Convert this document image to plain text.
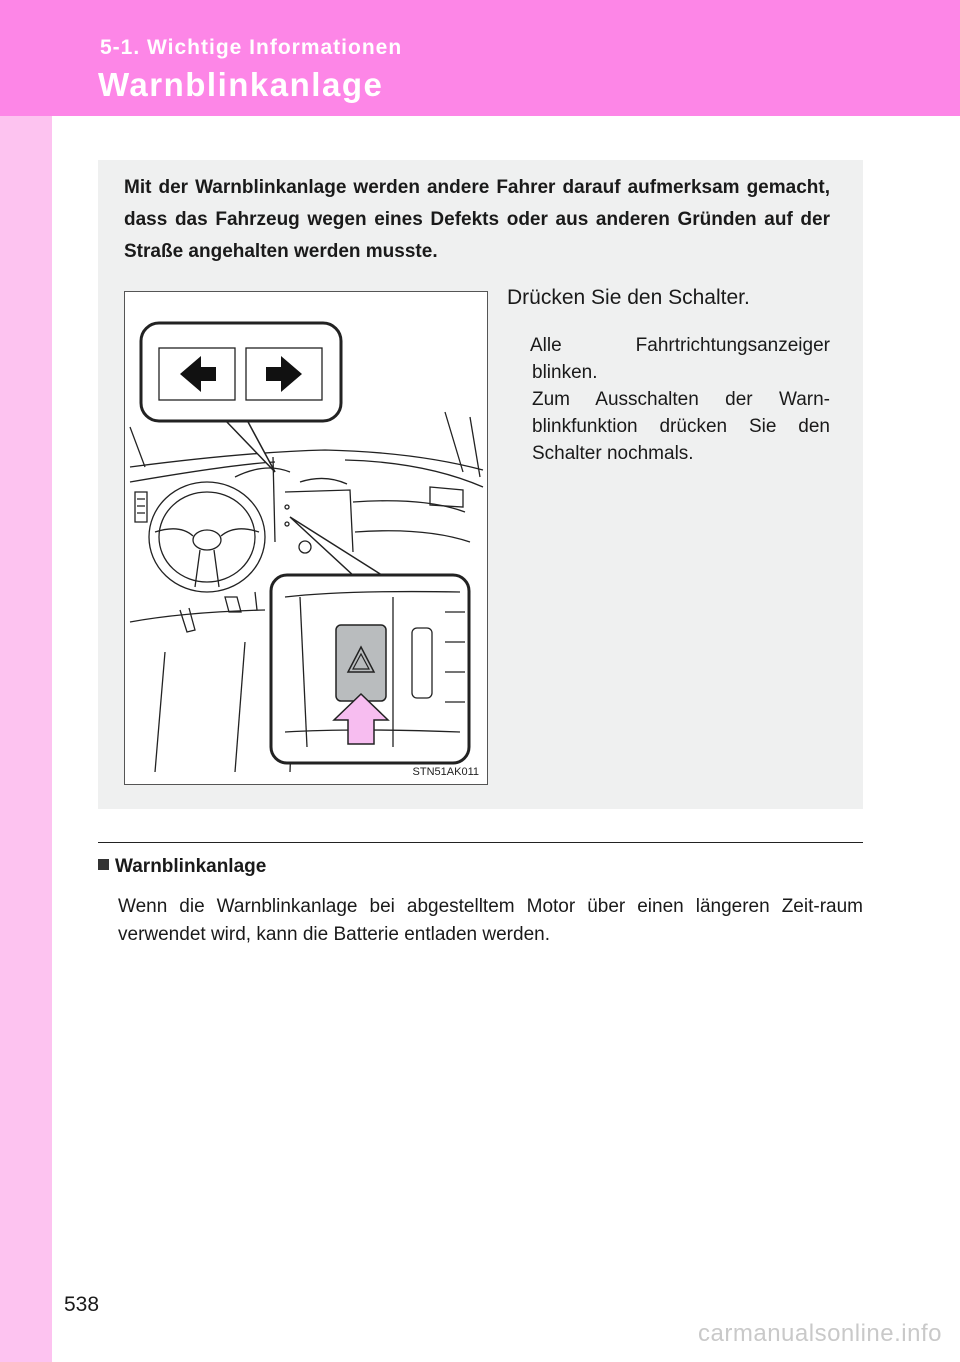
5-1. Wichtige Informationen
Warnblinkanlage
Mit der Warnblinkanlage werden andere Fahrer darauf aufmerksam gemacht, dass das Fahrzeug wegen eines Defekts oder aus anderen Gründen auf der Straße angehalten werden musste.
STN51AK011
Drücken Sie den Schalter.
Alle Fahrtrichtungsanzeiger
blinken.
Zum Ausschalten der Warn-blinkfunktion drücken Sie den Schalter nochmals.
Warnblinkanlage
Wenn die Warnblinkanlage bei abgestelltem Motor über einen längeren Zeit-raum verwendet wird, kann die Batterie entladen werden.
538
carmanualsonline.info
